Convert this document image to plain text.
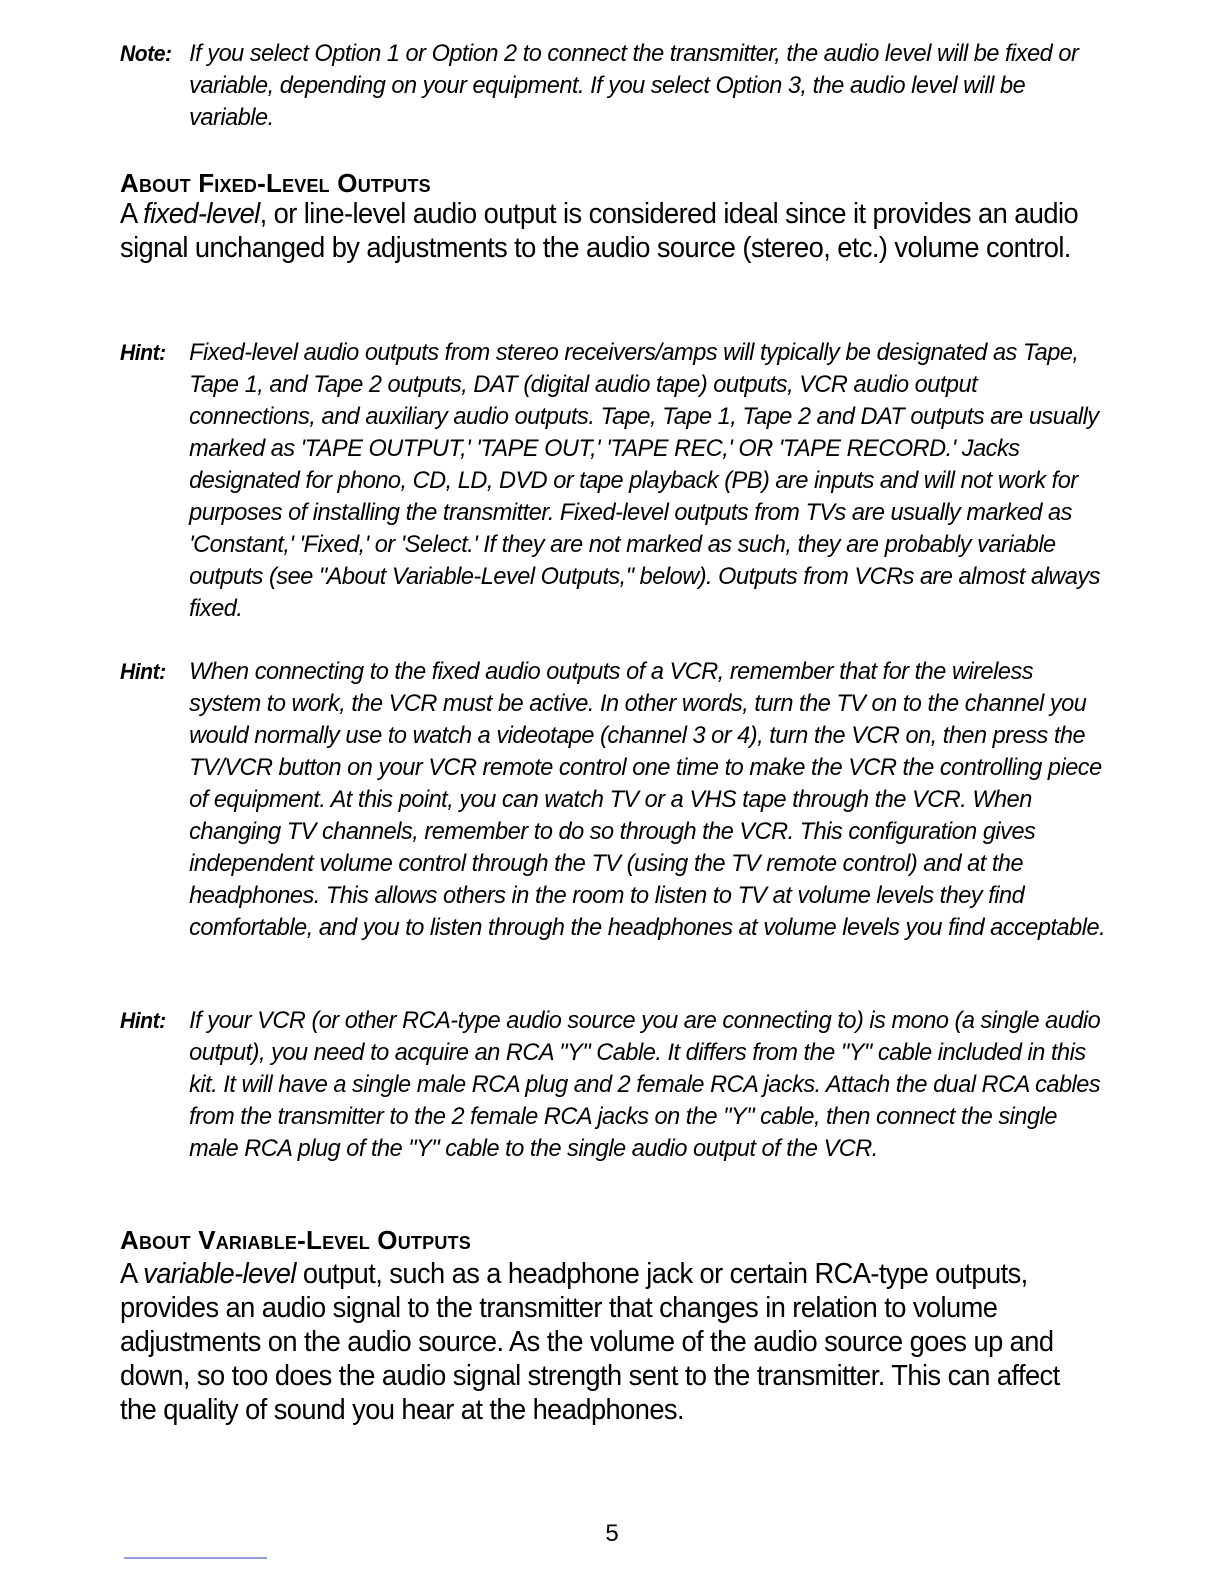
Note: If you select Option 1 or Option 2 to connect the transmitter, the audio level will be fixed or variable, depending on your equipment. If you select Option 3, the audio level will be variable.
About Fixed-Level Outputs
A fixed-level, or line-level audio output is considered ideal since it provides an audio signal unchanged by adjustments to the audio source (stereo, etc.) volume control.
Hint: Fixed-level audio outputs from stereo receivers/amps will typically be designated as Tape, Tape 1, and Tape 2 outputs, DAT (digital audio tape) outputs, VCR audio output connections, and auxiliary audio outputs. Tape, Tape 1, Tape 2 and DAT outputs are usually marked as 'TAPE OUTPUT,' 'TAPE OUT,' 'TAPE REC,' OR 'TAPE RECORD.' Jacks designated for phono, CD, LD, DVD or tape playback (PB) are inputs and will not work for purposes of installing the transmitter. Fixed-level outputs from TVs are usually marked as 'Constant,' 'Fixed,' or 'Select.' If they are not marked as such, they are probably variable outputs (see "About Variable-Level Outputs," below). Outputs from VCRs are almost always fixed.
Hint: When connecting to the fixed audio outputs of a VCR, remember that for the wireless system to work, the VCR must be active. In other words, turn the TV on to the channel you would normally use to watch a videotape (channel 3 or 4), turn the VCR on, then press the TV/VCR button on your VCR remote control one time to make the VCR the controlling piece of equipment. At this point, you can watch TV or a VHS tape through the VCR. When changing TV channels, remember to do so through the VCR. This configuration gives independent volume control through the TV (using the TV remote control) and at the headphones. This allows others in the room to listen to TV at volume levels they find comfortable, and you to listen through the headphones at volume levels you find acceptable.
Hint: If your VCR (or other RCA-type audio source you are connecting to) is mono (a single audio output), you need to acquire an RCA "Y" Cable. It differs from the "Y" cable included in this kit. It will have a single male RCA plug and 2 female RCA jacks. Attach the dual RCA cables from the transmitter to the 2 female RCA jacks on the "Y" cable, then connect the single male RCA plug of the "Y" cable to the single audio output of the VCR.
About Variable-Level Outputs
A variable-level output, such as a headphone jack or certain RCA-type outputs, provides an audio signal to the transmitter that changes in relation to volume adjustments on the audio source. As the volume of the audio source goes up and down, so too does the audio signal strength sent to the transmitter. This can affect the quality of sound you hear at the headphones.
5
